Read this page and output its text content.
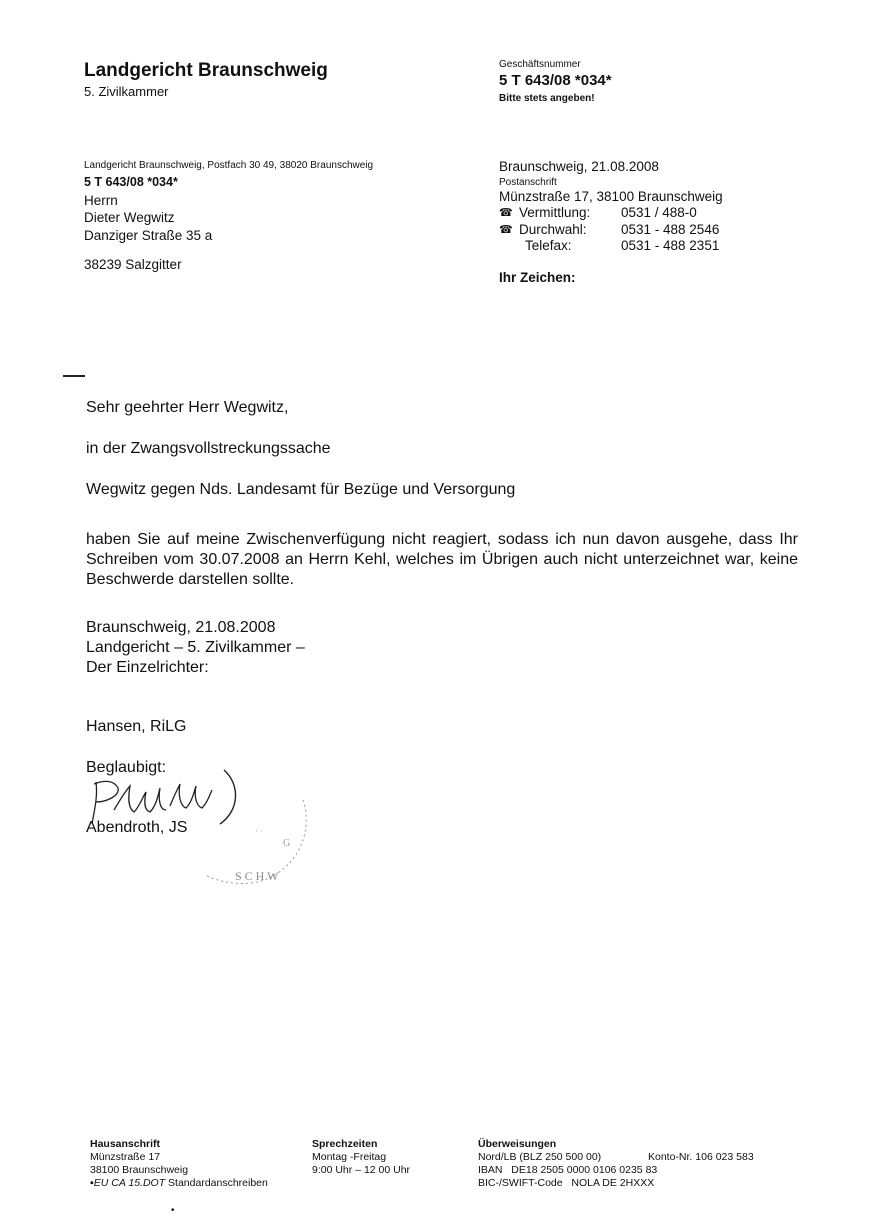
Landgericht Braunschweig
5. Zivilkammer
Geschäftsnummer
5 T 643/08 *034*
Bitte stets angeben!
Landgericht Braunschweig, Postfach 30 49, 38020 Braunschweig
5 T 643/08 *034*
Herrn
Dieter Wegwitz
Danziger Straße 35 a
38239 Salzgitter
Braunschweig, 21.08.2008
Postanschrift
Münzstraße 17, 38100 Braunschweig
☎ Vermittlung:	0531 / 488-0
☎ Durchwahl:	0531 - 488 2546
Telefax:	0531 - 488 2351
Ihr Zeichen:
Sehr geehrter Herr Wegwitz,
in der Zwangsvollstreckungssache
Wegwitz gegen Nds. Landesamt für Bezüge und Versorgung
haben Sie auf meine Zwischenverfügung nicht reagiert, sodass ich nun davon ausgehe, dass Ihr Schreiben vom 30.07.2008 an Herrn Kehl, welches im Übrigen auch nicht unterzeichnet war, keine Beschwerde darstellen sollte.
Braunschweig, 21.08.2008
Landgericht – 5. Zivilkammer –
Der Einzelrichter:
Hansen, RiLG
Beglaubigt:
Abendroth, JS
S C H W
G
· ·
Hausanschrift
Münzstraße 17
38100 Braunschweig
▪EU CA 15.DOT Standardanschreiben
Sprechzeiten
Montag -Freitag
9:00 Uhr – 12 00 Uhr
Überweisungen
Nord/LB (BLZ 250 500 00)	Konto-Nr. 106 023 583
IBAN DE18 2505 0000 0106 0235 83
BIC-/SWIFT-Code NOLA DE 2HXXX
•
